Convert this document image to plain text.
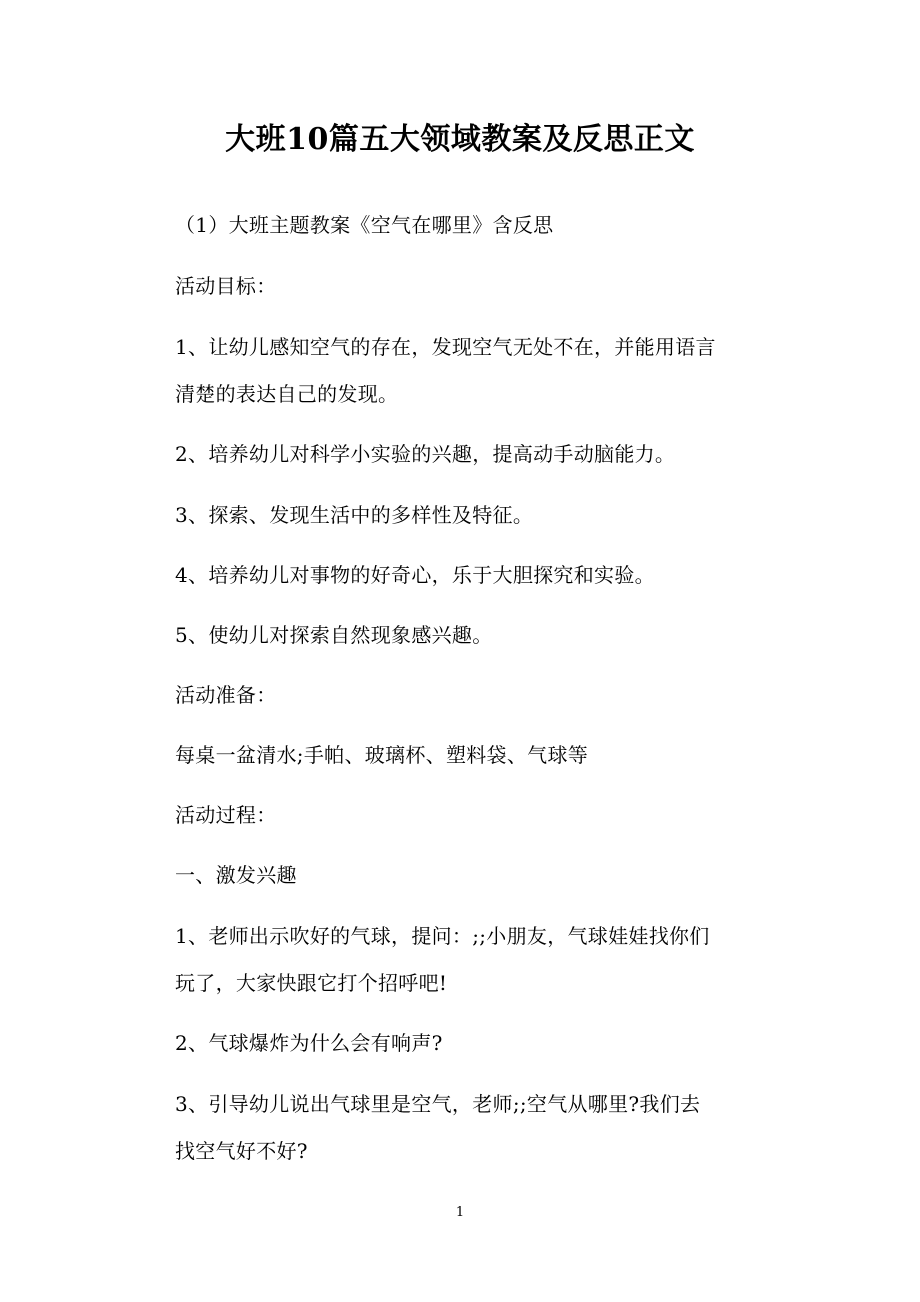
大班10篇五大领域教案及反思正文
（1）大班主题教案《空气在哪里》含反思
活动目标：
1、让幼儿感知空气的存在，发现空气无处不在，并能用语言
清楚的表达自己的发现。
2、培养幼儿对科学小实验的兴趣，提高动手动脑能力。
3、探索、发现生活中的多样性及特征。
4、培养幼儿对事物的好奇心，乐于大胆探究和实验。
5、使幼儿对探索自然现象感兴趣。
活动准备：
每桌一盆清水;手帕、玻璃杯、塑料袋、气球等
活动过程：
一、激发兴趣
1、老师出示吹好的气球，提问：;;小朋友，气球娃娃找你们
玩了，大家快跟它打个招呼吧!
2、气球爆炸为什么会有响声?
3、引导幼儿说出气球里是空气，老师;;空气从哪里?我们去
找空气好不好?
1
